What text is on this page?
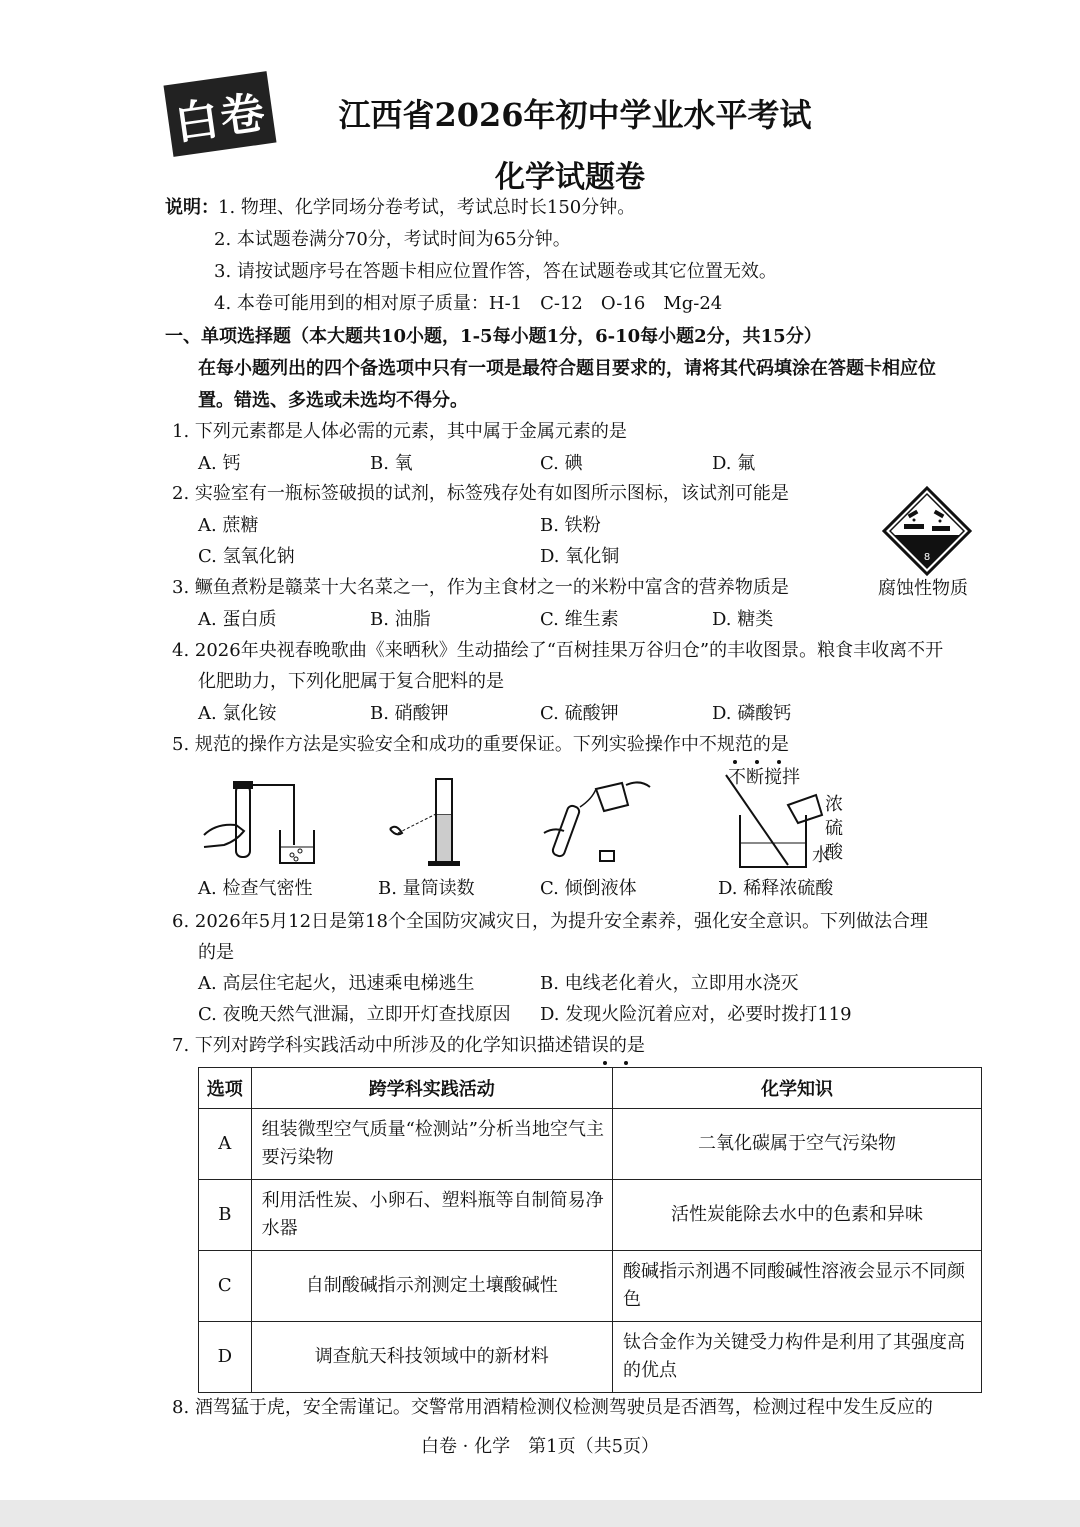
白卷	江西省2026年初中学业水平考试
化学试题卷
说明： 1. 物理、化学同场分卷考试，考试总时长150分钟。
2. 本试题卷满分70分，考试时间为65分钟。
3. 请按试题序号在答题卡相应位置作答，答在试题卷或其它位置无效。
4. 本卷可能用到的相对原子质量：H-1　C-12　O-16　Mg-24
一、单项选择题（本大题共10小题，1-5每小题1分，6-10每小题2分，共15分）
在每小题列出的四个备选项中只有一项是最符合题目要求的，请将其代码填涂在答题卡相应位
置。错选、多选或未选均不得分。
1. 下列元素都是人体必需的元素，其中属于金属元素的是
A. 钙	B. 氧	C. 碘	D. 氟
2. 实验室有一瓶标签破损的试剂，标签残存处有如图所示图标，该试剂可能是
A. 蔗糖	B. 铁粉
C. 氢氧化钠	D. 氧化铜	8
腐蚀性物质
3. 鳜鱼煮粉是赣菜十大名菜之一，作为主食材之一的米粉中富含的营养物质是
A. 蛋白质	B. 油脂	C. 维生素	D. 糖类
4. 2026年央视春晚歌曲《来晒秋》生动描绘了“百树挂果万谷归仓”的丰收图景。粮食丰收离不开
化肥助力，下列化肥属于复合肥料的是
A. 氯化铵	B. 硝酸钾	C. 硫酸钾	D. 磷酸钙
5. 规范的操作方法是实验安全和成功的重要保证。下列实验操作中不规范的是
不断搅拌
浓硫酸
水
A. 检查气密性	B. 量筒读数	C. 倾倒液体	D. 稀释浓硫酸
6. 2026年5月12日是第18个全国防灾减灾日，为提升安全素养，强化安全意识。下列做法合理
的是
A. 高层住宅起火，迅速乘电梯逃生	B. 电线老化着火，立即用水浇灭
C. 夜晚天然气泄漏，立即开灯查找原因 D. 发现火险沉着应对，必要时拨打119
7. 下列对跨学科实践活动中所涉及的化学知识描述错误的是
选项	跨学科实践活动	化学知识
A	组装微型空气质量“检测站”分析当地空气主要污染物	二氧化碳属于空气污染物
B	利用活性炭、小卵石、塑料瓶等自制简易净水器	活性炭能除去水中的色素和异味
C	自制酸碱指示剂测定土壤酸碱性	酸碱指示剂遇不同酸碱性溶液会显示不同颜色
D	调查航天科技领域中的新材料	钛合金作为关键受力构件是利用了其强度高的优点
8. 酒驾猛于虎，安全需谨记。交警常用酒精检测仪检测驾驶员是否酒驾，检测过程中发生反应的
白卷 · 化学　第1页（共5页）
